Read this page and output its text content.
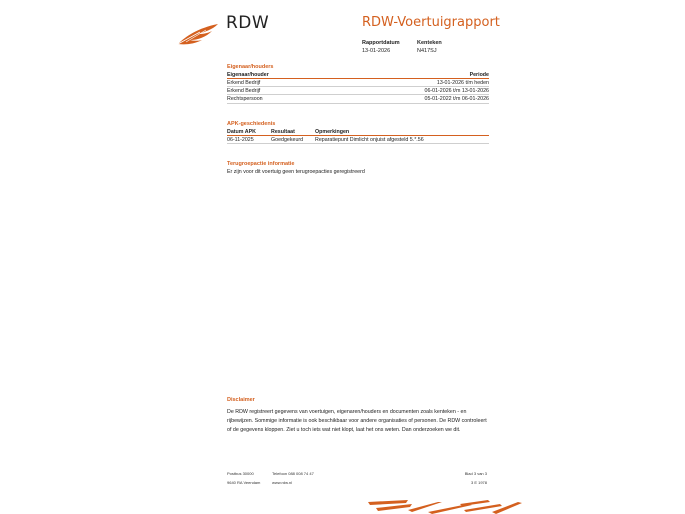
RDW	RDW-Voertuigrapport
Rapportdatum
13-01-2026
Kenteken
N417SJ
Eigenaar/houders
Eigenaar/houder	Periode
Erkend Bedrijf	13-01-2026 t/m heden
Erkend Bedrijf	06-01-2026 t/m 13-01-2026
Rechtspersoon	05-01-2022 t/m 06-01-2026
APK-geschiedenis
Datum APK	Resultaat	Opmerkingen
06-11-2025	Goedgekeurd	Reparatiepunt Dimlicht onjuist afgesteld 5.*.56
Terugroepactie informatie
Er zijn voor dit voertuig geen terugroepacties geregistreerd
Disclaimer
De RDW registreert gegevens van voertuigen, eigenaren/houders en documenten zoals kenteken - en rijbewijzen. Sommige informatie is ook beschikbaar voor andere organisaties of personen. De RDW controleert of de gegevens kloppen. Ziet u toch iets wat niet klopt, laat het ons weten. Dan onderzoeken we dit.
Postbus 30000
9640 RA Veendam
Telefoon 088 008 74 47
www.rdw.nl
Blad 3 van 3
3 E 1978
